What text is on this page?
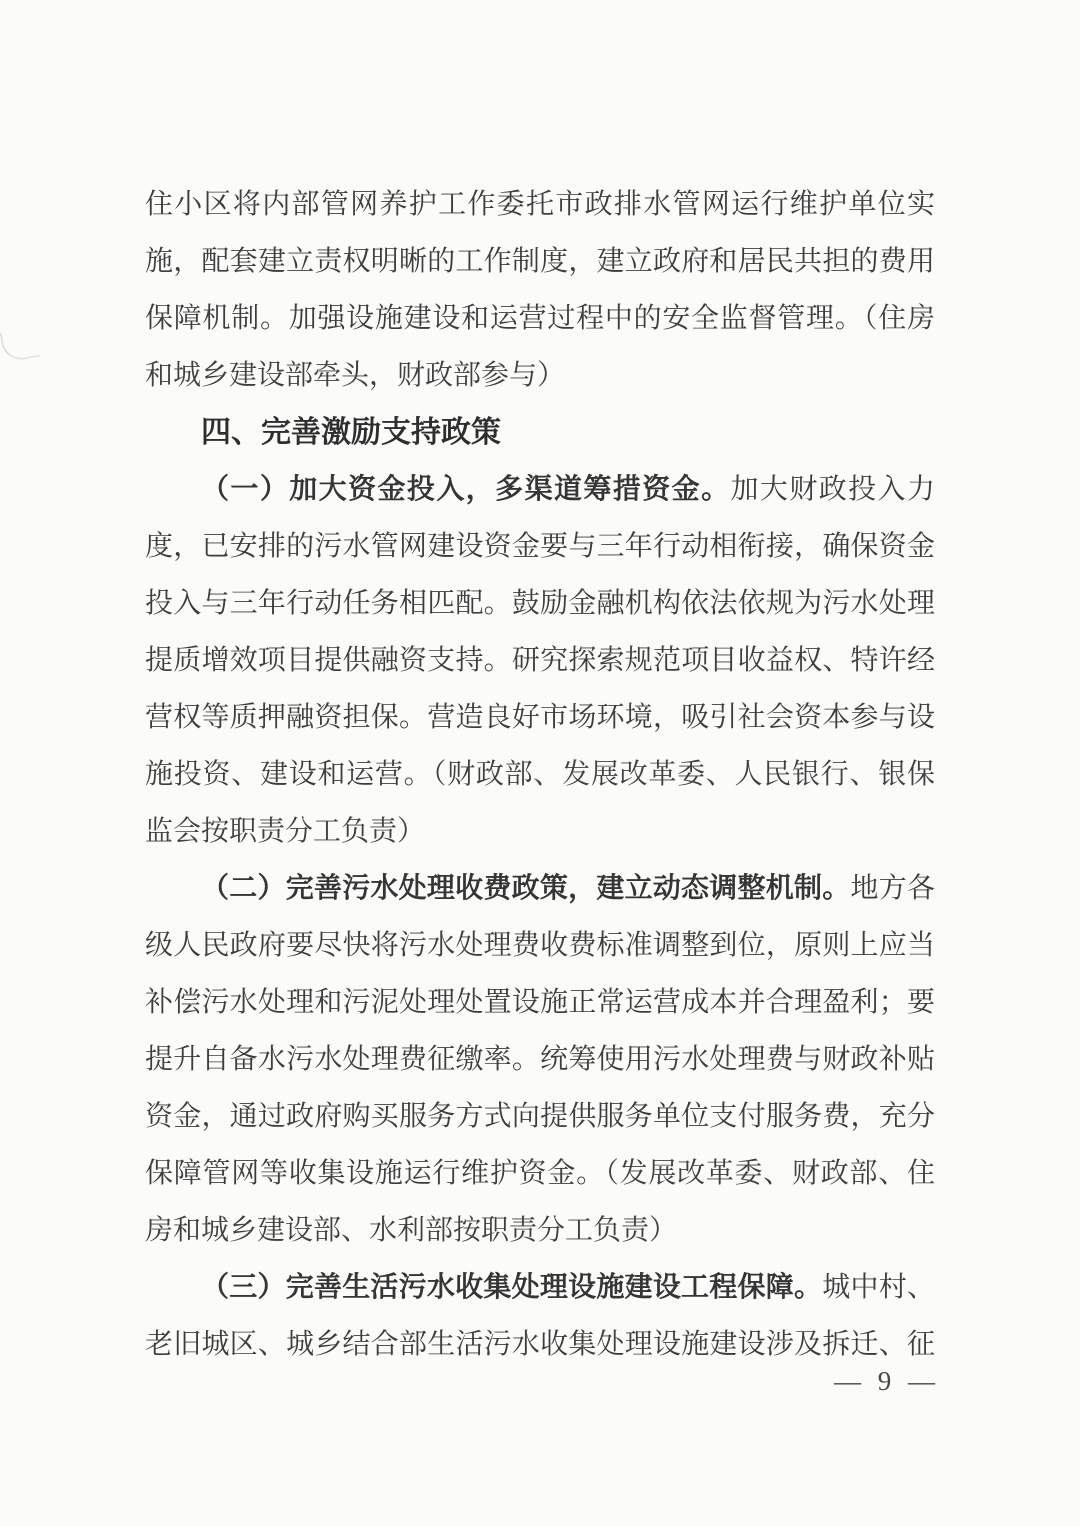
住小区将内部管网养护工作委托市政排水管网运行维护单位实
施，配套建立责权明晰的工作制度，建立政府和居民共担的费用
保障机制。加强设施建设和运营过程中的安全监督管理。（住房
和城乡建设部牵头，财政部参与）
四、完善激励支持政策
（一）加大资金投入，多渠道筹措资金。加大财政投入力
度，已安排的污水管网建设资金要与三年行动相衔接，确保资金
投入与三年行动任务相匹配。鼓励金融机构依法依规为污水处理
提质增效项目提供融资支持。研究探索规范项目收益权、特许经
营权等质押融资担保。营造良好市场环境，吸引社会资本参与设
施投资、建设和运营。（财政部、发展改革委、人民银行、银保
监会按职责分工负责）
（二）完善污水处理收费政策，建立动态调整机制。地方各
级人民政府要尽快将污水处理费收费标准调整到位，原则上应当
补偿污水处理和污泥处理处置设施正常运营成本并合理盈利；要
提升自备水污水处理费征缴率。统筹使用污水处理费与财政补贴
资金，通过政府购买服务方式向提供服务单位支付服务费，充分
保障管网等收集设施运行维护资金。（发展改革委、财政部、住
房和城乡建设部、水利部按职责分工负责）
（三）完善生活污水收集处理设施建设工程保障。城中村、
老旧城区、城乡结合部生活污水收集处理设施建设涉及拆迁、征
— 9 —
